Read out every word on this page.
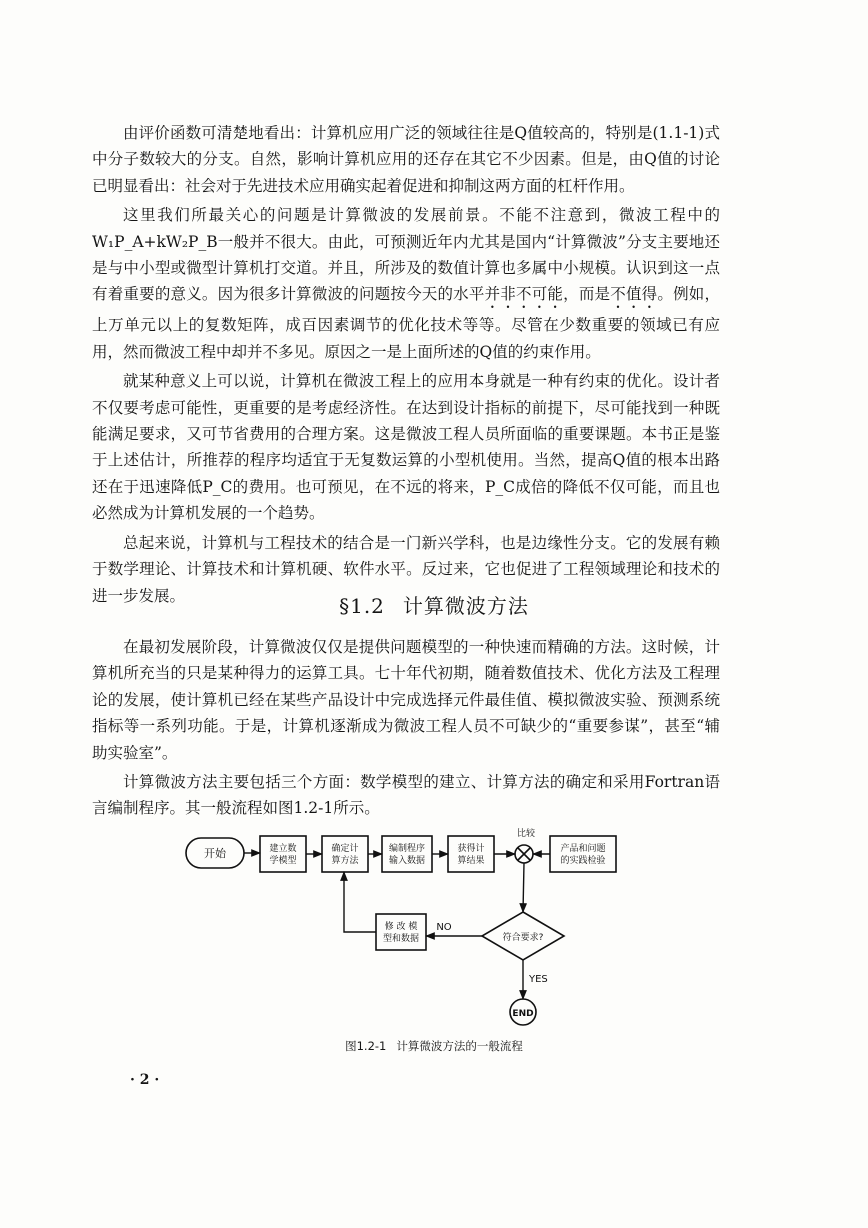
由评价函数可清楚地看出：计算机应用广泛的领域往往是Q值较高的，特别是(1.1-1)式中分子数较大的分支。自然，影响计算机应用的还存在其它不少因素。但是，由Q值的讨论已明显看出：社会对于先进技术应用确实起着促进和抑制这两方面的杠杆作用。

这里我们所最关心的问题是计算微波的发展前景。不能不注意到，微波工程中的W₁P_A+kW₂P_B一般并不很大。由此，可预测近年内尤其是国内“计算微波”分支主要地还是与中小型或微型计算机打交道。并且，所涉及的数值计算也多属中小规模。认识到这一点有着重要的意义。因为很多计算微波的问题按今天的水平并非不可能，而是不值得。例如，上万单元以上的复数矩阵，成百因素调节的优化技术等等。尽管在少数重要的领域已有应用，然而微波工程中却并不多见。原因之一是上面所述的Q值的约束作用。

就某种意义上可以说，计算机在微波工程上的应用本身就是一种有约束的优化。设计者不仅要考虑可能性，更重要的是考虑经济性。在达到设计指标的前提下，尽可能找到一种既能满足要求，又可节省费用的合理方案。这是微波工程人员所面临的重要课题。本书正是鉴于上述估计，所推荐的程序均适宜于无复数运算的小型机使用。当然，提高Q值的根本出路还在于迅速降低P_C的费用。也可预见，在不远的将来，P_C成倍的降低不仅可能，而且也必然成为计算机发展的一个趋势。

总起来说，计算机与工程技术的结合是一门新兴学科，也是边缘性分支。它的发展有赖于数学理论、计算技术和计算机硬、软件水平。反过来，它也促进了工程领域理论和技术的进一步发展。	§1.2 计算微波方法

在最初发展阶段，计算微波仅仅是提供问题模型的一种快速而精确的方法。这时候，计算机所充当的只是某种得力的运算工具。七十年代初期，随着数值技术、优化方法及工程理论的发展，使计算机已经在某些产品设计中完成选择元件最佳值、模拟微波实验、预测系统指标等一系列功能。于是，计算机逐渐成为微波工程人员不可缺少的“重要参谋”，甚至“辅助实验室”。

计算微波方法主要包括三个方面：数学模型的建立、计算方法的确定和采用Fortran语言编制程序。其一般流程如图1.2-1所示。

开始	建立数
学模型
确定计
算方法
编制程序
输入数据
获得计
算结果
比较
产品和问题
的实践检验
修 改 模
型和数据	符合要求?
NO
YES
END
图1.2-1 计算微波方法的一般流程
· 2 ·
